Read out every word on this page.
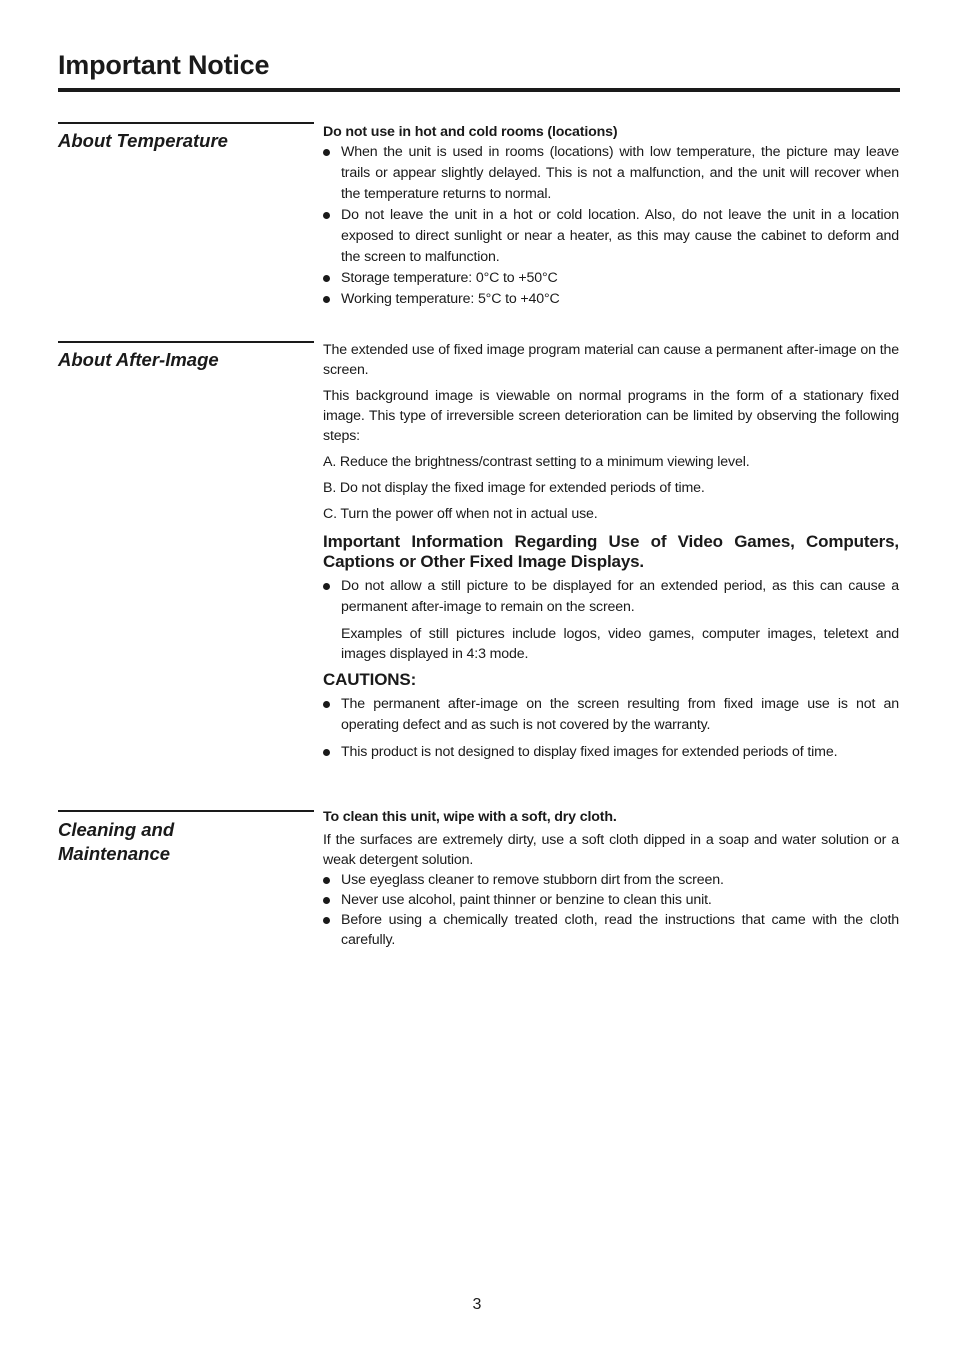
Important Notice
About Temperature	Do not use in hot and cold rooms (locations)

When the unit is used in rooms (locations) with low temperature, the picture may leave trails or appear slightly delayed. This is not a malfunction, and the unit will recover when the temperature returns to normal.
Do not leave the unit in a hot or cold location. Also, do not leave the unit in a location exposed to direct sunlight or near a heater, as this may cause the cabinet to deform and the screen to malfunction.
Storage temperature: 0°C to +50°C
Working temperature: 5°C to +40°C
About After-Image	The extended use of fixed image program material can cause a permanent after-image on the screen.

This background image is viewable on normal programs in the form of a stationary fixed image. This type of irreversible screen deterioration can be limited by observing the following steps:

A. Reduce the brightness/contrast setting to a minimum viewing level.

B. Do not display the fixed image for extended periods of time.

C. Turn the power off when not in actual use.

Important Information Regarding Use of Video Games, Computers, Captions or Other Fixed Image Displays.

Do not allow a still picture to be displayed for an extended period, as this can cause a permanent after-image to remain on the screen.

Examples of still pictures include logos, video games, computer images, teletext and images displayed in 4:3 mode.

CAUTIONS:

The permanent after-image on the screen resulting from fixed image use is not an operating defect and as such is not covered by the warranty.
This product is not designed to display fixed images for extended periods of time.
Cleaning and
Maintenance

To clean this unit, wipe with a soft, dry cloth.

If the surfaces are extremely dirty, use a soft cloth dipped in a soap and water solution or a weak detergent solution.

Use eyeglass cleaner to remove stubborn dirt from the screen.
Never use alcohol, paint thinner or benzine to clean this unit.
Before using a chemically treated cloth, read the instructions that came with the cloth carefully.
3
